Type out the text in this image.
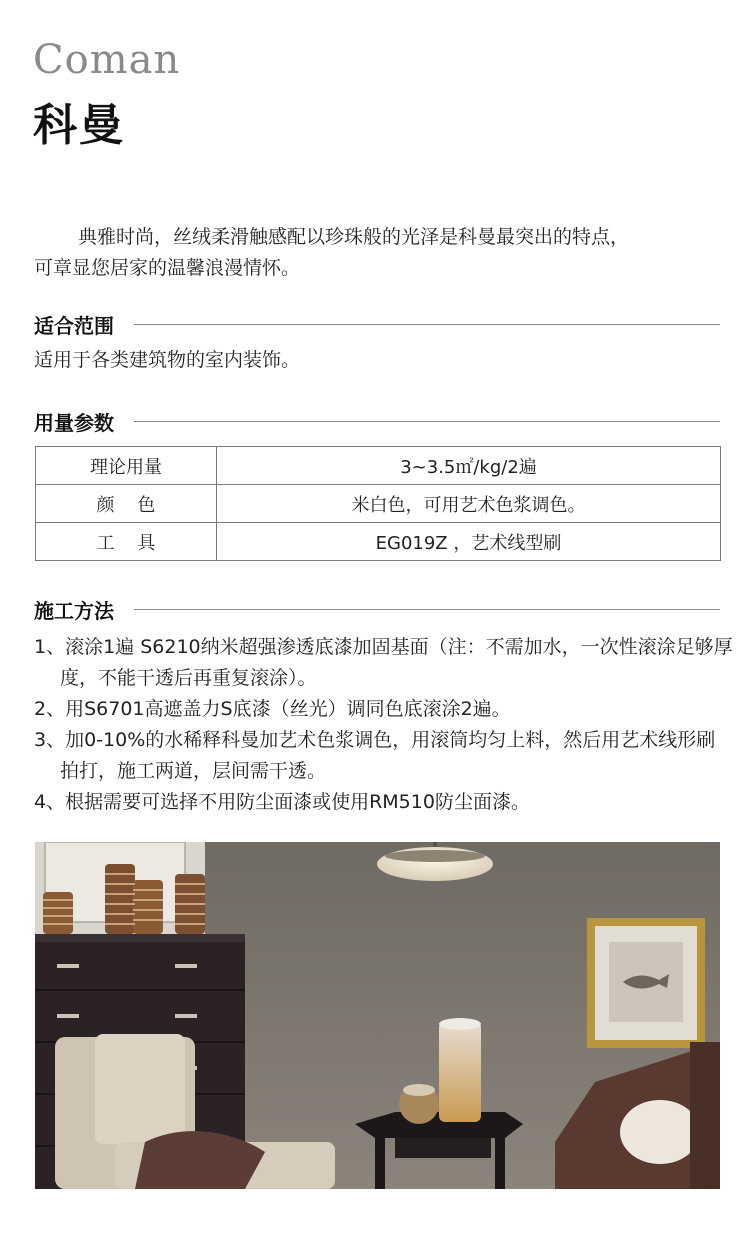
Coman
科曼
典雅时尚，丝绒柔滑触感配以珍珠般的光泽是科曼最突出的特点，
可章显您居家的温馨浪漫情怀。
适合范围
适用于各类建筑物的室内装饰。
用量参数
理论用量	3~3.5㎡/kg/2遍
颜    色	米白色，可用艺术色浆调色。
工    具	EG019Z ，艺术线型刷
施工方法
1、滚涂1遍 S6210纳米超强渗透底漆加固基面（注：不需加水，一次性滚涂足够厚度，不能干透后再重复滚涂）。
2、用S6701高遮盖力S底漆（丝光）调同色底滚涂2遍。
3、加0-10%的水稀释科曼加艺术色浆调色，用滚筒均匀上料，然后用艺术线形刷拍打，施工两道，层间需干透。
4、根据需要可选择不用防尘面漆或使用RM510防尘面漆。
